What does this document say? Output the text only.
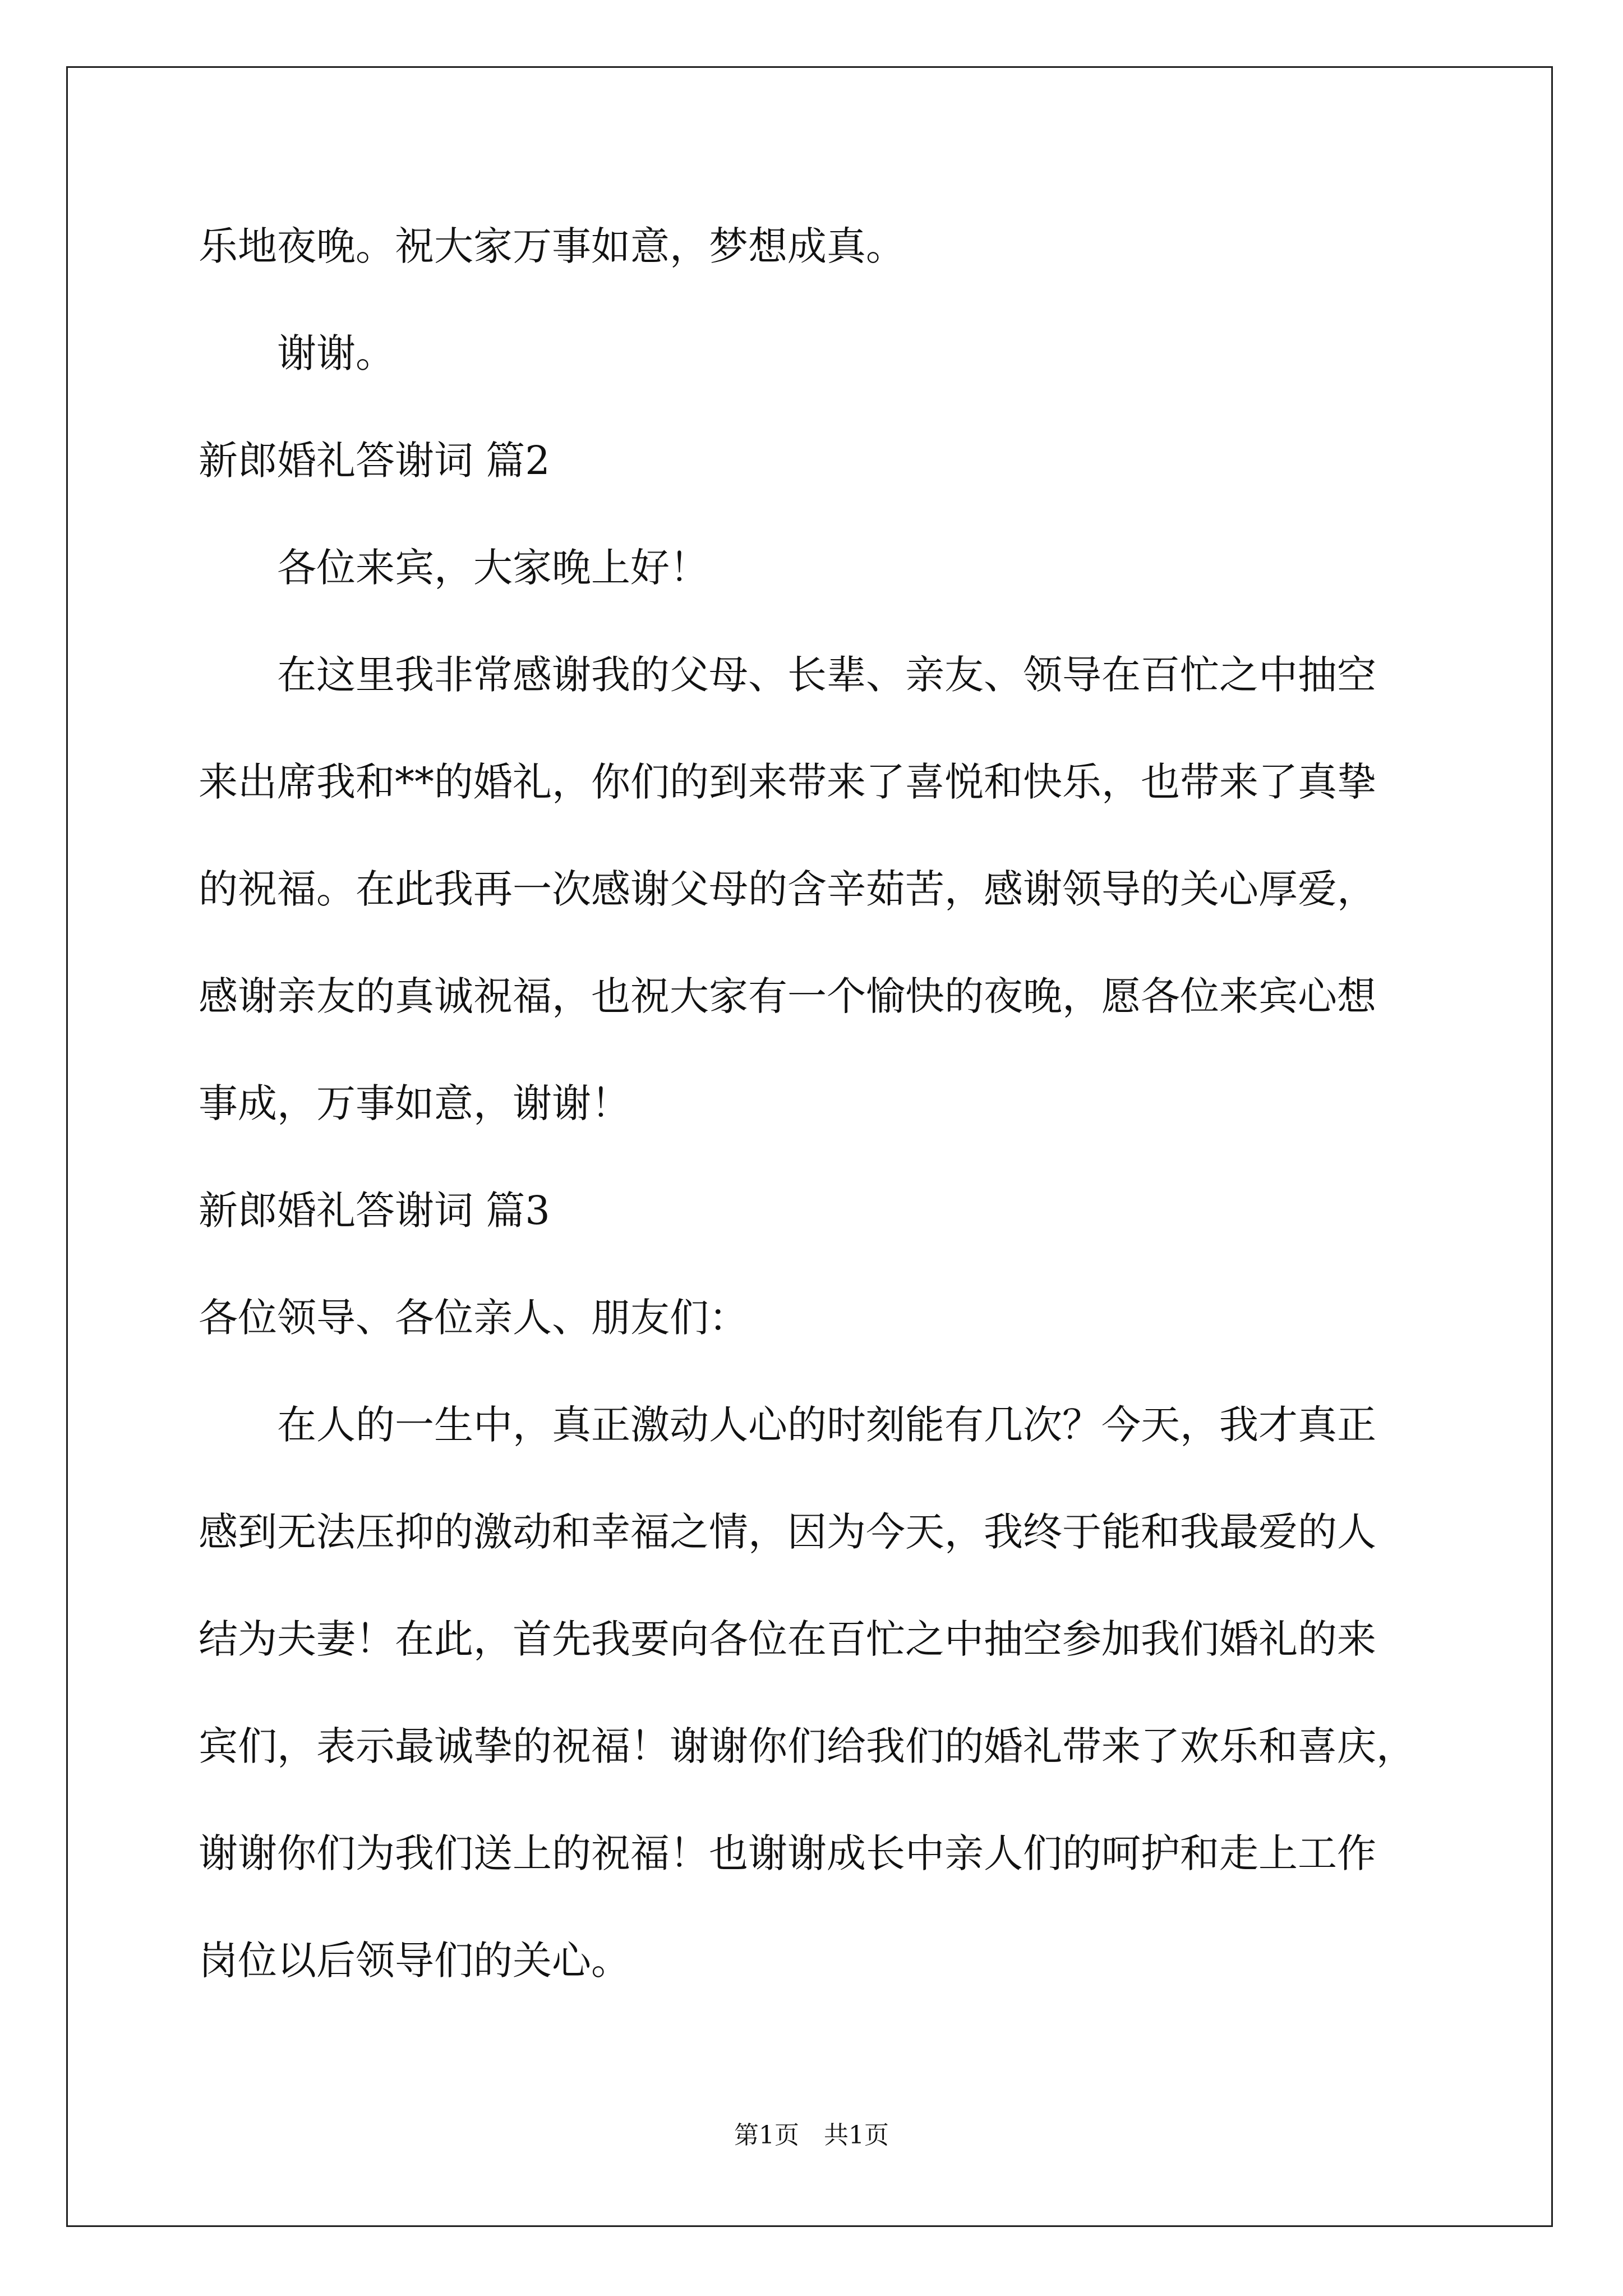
乐地夜晚。祝大家万事如意，梦想成真。

谢谢。

新郎婚礼答谢词 篇2

各位来宾，大家晚上好！

在这里我非常感谢我的父母、长辈、亲友、领导在百忙之中抽空

来出席我和**的婚礼，你们的到来带来了喜悦和快乐，也带来了真挚

的祝福。在此我再一次感谢父母的含辛茹苦，感谢领导的关心厚爱，

感谢亲友的真诚祝福，也祝大家有一个愉快的夜晚，愿各位来宾心想

事成，万事如意，谢谢！

新郎婚礼答谢词 篇3

各位领导、各位亲人、朋友们：

在人的一生中，真正激动人心的时刻能有几次？今天，我才真正

感到无法压抑的激动和幸福之情，因为今天，我终于能和我最爱的人

结为夫妻！在此，首先我要向各位在百忙之中抽空参加我们婚礼的来

宾们，表示最诚挚的祝福！谢谢你们给我们的婚礼带来了欢乐和喜庆，

谢谢你们为我们送上的祝福！也谢谢成长中亲人们的呵护和走上工作

岗位以后领导们的关心。

第1页 共1页
